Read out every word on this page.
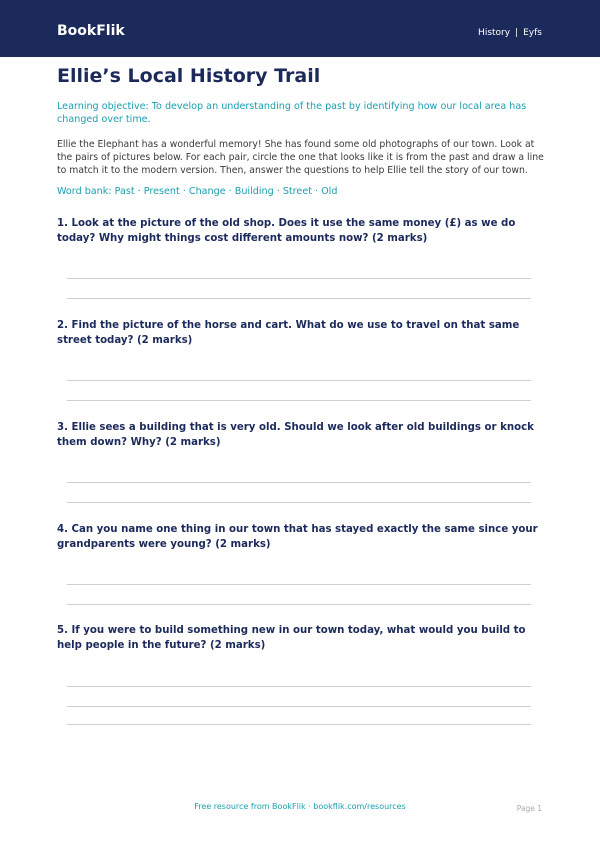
BookFlik	History | Eyfs
Ellie’s Local History Trail
Learning objective: To develop an understanding of the past by identifying how our local area has changed over time.
Ellie the Elephant has a wonderful memory! She has found some old photographs of our town. Look at the pairs of pictures below. For each pair, circle the one that looks like it is from the past and draw a line to match it to the modern version. Then, answer the questions to help Ellie tell the story of our town.
Word bank: Past · Present · Change · Building · Street · Old
1. Look at the picture of the old shop. Does it use the same money (£) as we do today? Why might things cost different amounts now? (2 marks)
2. Find the picture of the horse and cart. What do we use to travel on that same street today? (2 marks)
3. Ellie sees a building that is very old. Should we look after old buildings or knock them down? Why? (2 marks)
4. Can you name one thing in our town that has stayed exactly the same since your grandparents were young? (2 marks)
5. If you were to build something new in our town today, what would you build to help people in the future? (2 marks)
Free resource from BookFlik · bookflik.com/resources	Page 1
